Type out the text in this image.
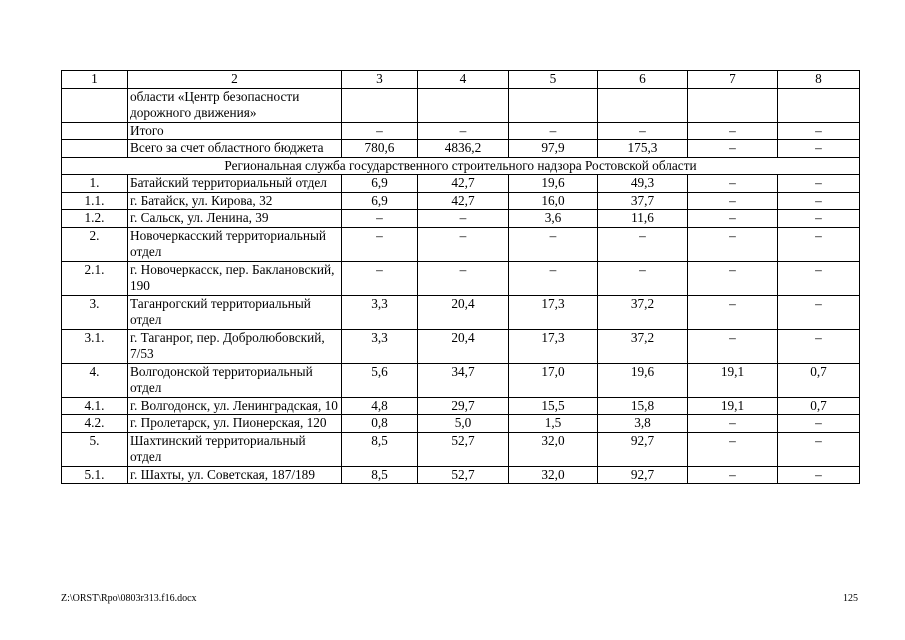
1	2	3	4	5	6	7	8
	области «Центр безопасности дорожного движения»						
	Итого	–	–	–	–	–	–
	Всего за счет областного бюджета	780,6	4836,2	97,9	175,3	–	–
Региональная служба государственного строительного надзора Ростовской области							
1.	Батайский территориальный отдел	6,9	42,7	19,6	49,3	–	–
1.1.	г. Батайск, ул. Кирова, 32	6,9	42,7	16,0	37,7	–	–
1.2.	г. Сальск, ул. Ленина, 39	–	–	3,6	11,6	–	–
2.	Новочеркасский территориальный отдел	–	–	–	–	–	–
2.1.	г. Новочеркасск, пер. Баклановский, 190	–	–	–	–	–	–
3.	Таганрогский территориальный отдел	3,3	20,4	17,3	37,2	–	–
3.1.	г. Таганрог, пер. Добролюбовский, 7/53	3,3	20,4	17,3	37,2	–	–
4.	Волгодонской территориальный отдел	5,6	34,7	17,0	19,6	19,1	0,7
4.1.	г. Волгодонск, ул. Ленинградская, 10	4,8	29,7	15,5	15,8	19,1	0,7
4.2.	г. Пролетарск, ул. Пионерская, 120	0,8	5,0	1,5	3,8	–	–
5.	Шахтинский территориальный отдел	8,5	52,7	32,0	92,7	–	–
5.1.	г. Шахты, ул. Советская, 187/189	8,5	52,7	32,0	92,7	–	–
Z:\ORST\Rpo\0803r313.f16.docx	125
